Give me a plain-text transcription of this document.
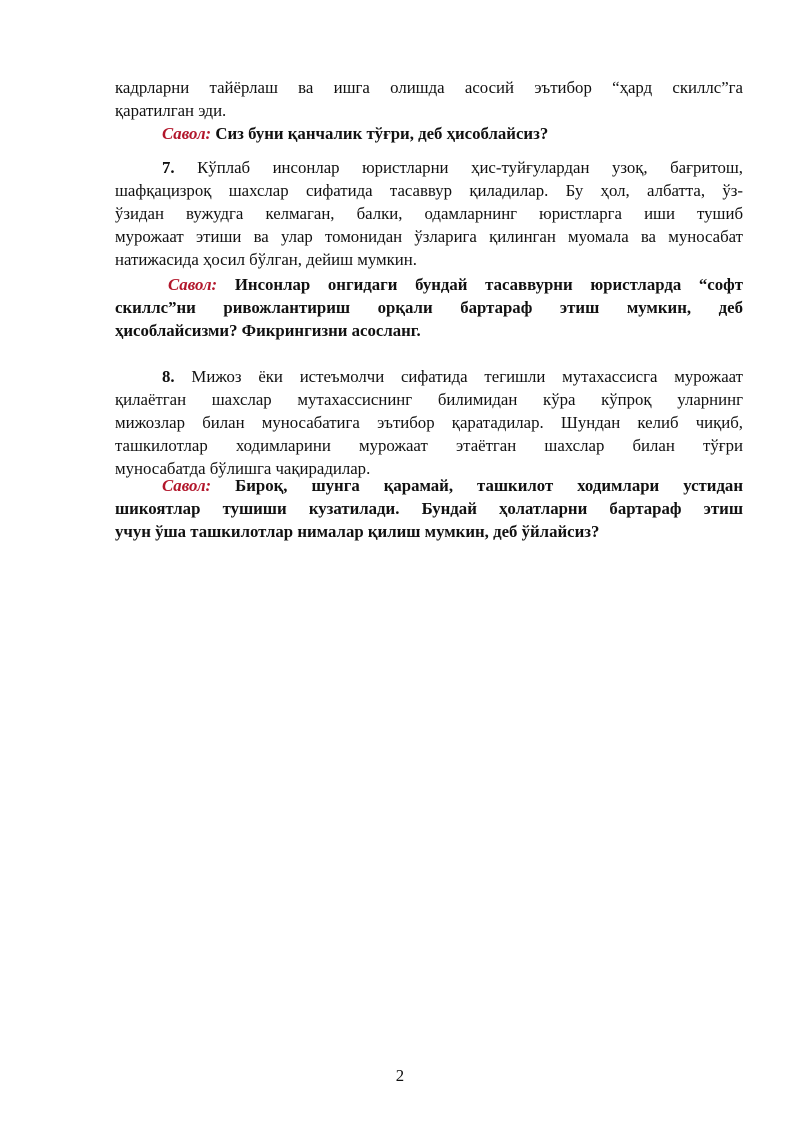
кадрларни тайёрлаш ва ишга олишда асосий эътибор “ҳард скиллс”га
қаратилган эди.
Савол: Сиз буни қанчалик тўғри, деб ҳисоблайсиз?
7. Кўплаб инсонлар юристларни ҳис-туйғулардан узоқ, бағритош,
шафқацизроқ шахслар сифатида тасаввур қиладилар. Бу ҳол, албатта, ўз-
ўзидан вужудга келмаган, балки, одамларнинг юристларга иши тушиб
мурожаат этиши ва улар томонидан ўзларига қилинган муомала ва муносабат
натижасида ҳосил бўлган, дейиш мумкин.
Савол: Инсонлар онгидаги бундай тасаввурни юристларда “софт
скиллс”ни ривожлантириш орқали бартараф этиш мумкин, деб
ҳисоблайсизми? Фикрингизни асосланг.
8. Мижоз ёки истеъмолчи сифатида тегишли мутахассисга мурожаат
қилаётган шахслар мутахассиснинг билимидан кўра кўпроқ уларнинг
мижозлар билан муносабатига эътибор қаратадилар. Шундан келиб чиқиб,
ташкилотлар ходимларини мурожаат этаётган шахслар билан тўғри
муносабатда бўлишга чақирадилар.
Савол: Бироқ, шунга қарамай, ташкилот ходимлари устидан
шикоятлар тушиши кузатилади. Бундай ҳолатларни бартараф этиш
учун ўша ташкилотлар нималар қилиш мумкин, деб ўйлайсиз?
2
